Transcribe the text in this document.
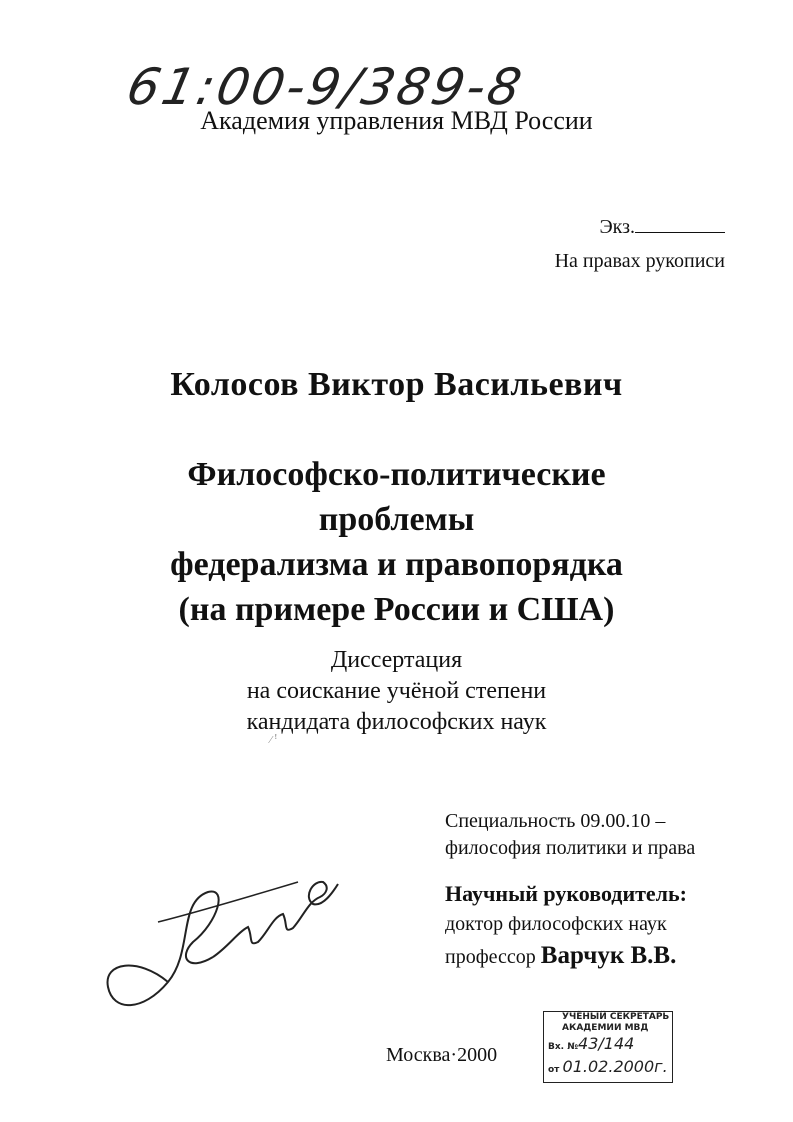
61:00-9/389-8
Академия управления МВД России
Экз.
На правах рукописи
Колосов Виктор Васильевич
Философско-политические
проблемы
федерализма и правопорядка
(на примере России и США)
Диссертация
на соискание учёной степени
кандидата философских наук
⁄ ꜝ
Специальность 09.00.10 –
философия политики и права
Научный руководитель:
доктор философских наук
профессор Варчук В.В.
Москва·2000
УЧЁНЫЙ СЕКРЕТАРЬ
АКАДЕМИИ МВД
Вх. №43/144
от 01.02.2000г.
